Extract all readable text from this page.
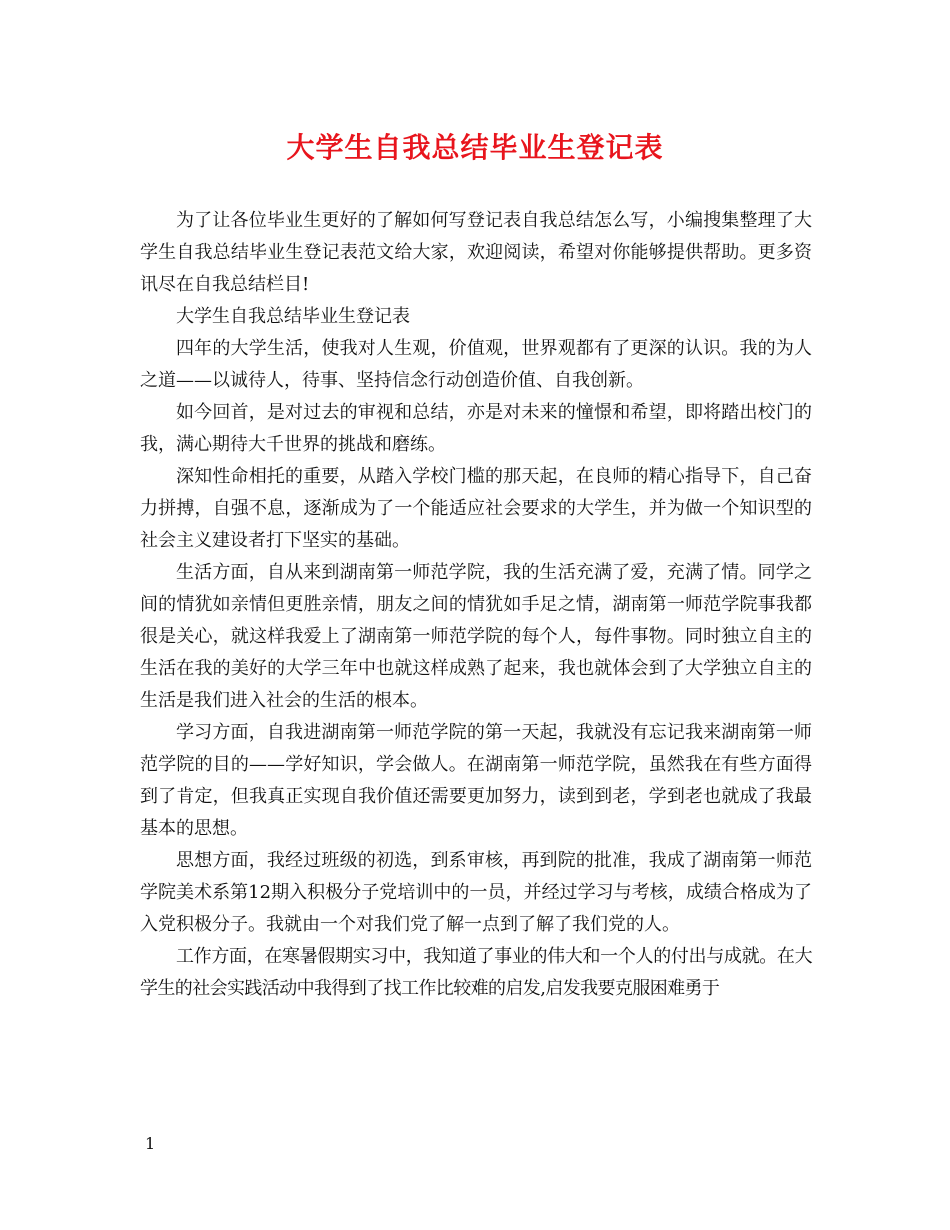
大学生自我总结毕业生登记表

为了让各位毕业生更好的了解如何写登记表自我总结怎么写，小编搜集整理了大学生自我总结毕业生登记表范文给大家，欢迎阅读，希望对你能够提供帮助。更多资讯尽在自我总结栏目!

大学生自我总结毕业生登记表

四年的大学生活，使我对人生观，价值观，世界观都有了更深的认识。我的为人之道——以诚待人，待事、坚持信念行动创造价值、自我创新。

如今回首，是对过去的审视和总结，亦是对未来的憧憬和希望，即将踏出校门的我，满心期待大千世界的挑战和磨练。

深知性命相托的重要，从踏入学校门槛的那天起，在良师的精心指导下，自己奋力拼搏，自强不息，逐渐成为了一个能适应社会要求的大学生，并为做一个知识型的社会主义建设者打下坚实的基础。

生活方面，自从来到湖南第一师范学院，我的生活充满了爱，充满了情。同学之间的情犹如亲情但更胜亲情，朋友之间的情犹如手足之情，湖南第一师范学院事我都很是关心，就这样我爱上了湖南第一师范学院的每个人，每件事物。同时独立自主的生活在我的美好的大学三年中也就这样成熟了起来，我也就体会到了大学独立自主的生活是我们进入社会的生活的根本。

学习方面，自我进湖南第一师范学院的第一天起，我就没有忘记我来湖南第一师范学院的目的——学好知识，学会做人。在湖南第一师范学院，虽然我在有些方面得到了肯定，但我真正实现自我价值还需要更加努力，读到到老，学到老也就成了我最基本的思想。

思想方面，我经过班级的初选，到系审核，再到院的批准，我成了湖南第一师范学院美术系第12期入积极分子党培训中的一员，并经过学习与考核，成绩合格成为了入党积极分子。我就由一个对我们党了解一点到了解了我们党的人。

工作方面，在寒暑假期实习中，我知道了事业的伟大和一个人的付出与成就。在大学生的社会实践活动中我得到了找工作比较难的启发,启发我要克服困难勇于

1
